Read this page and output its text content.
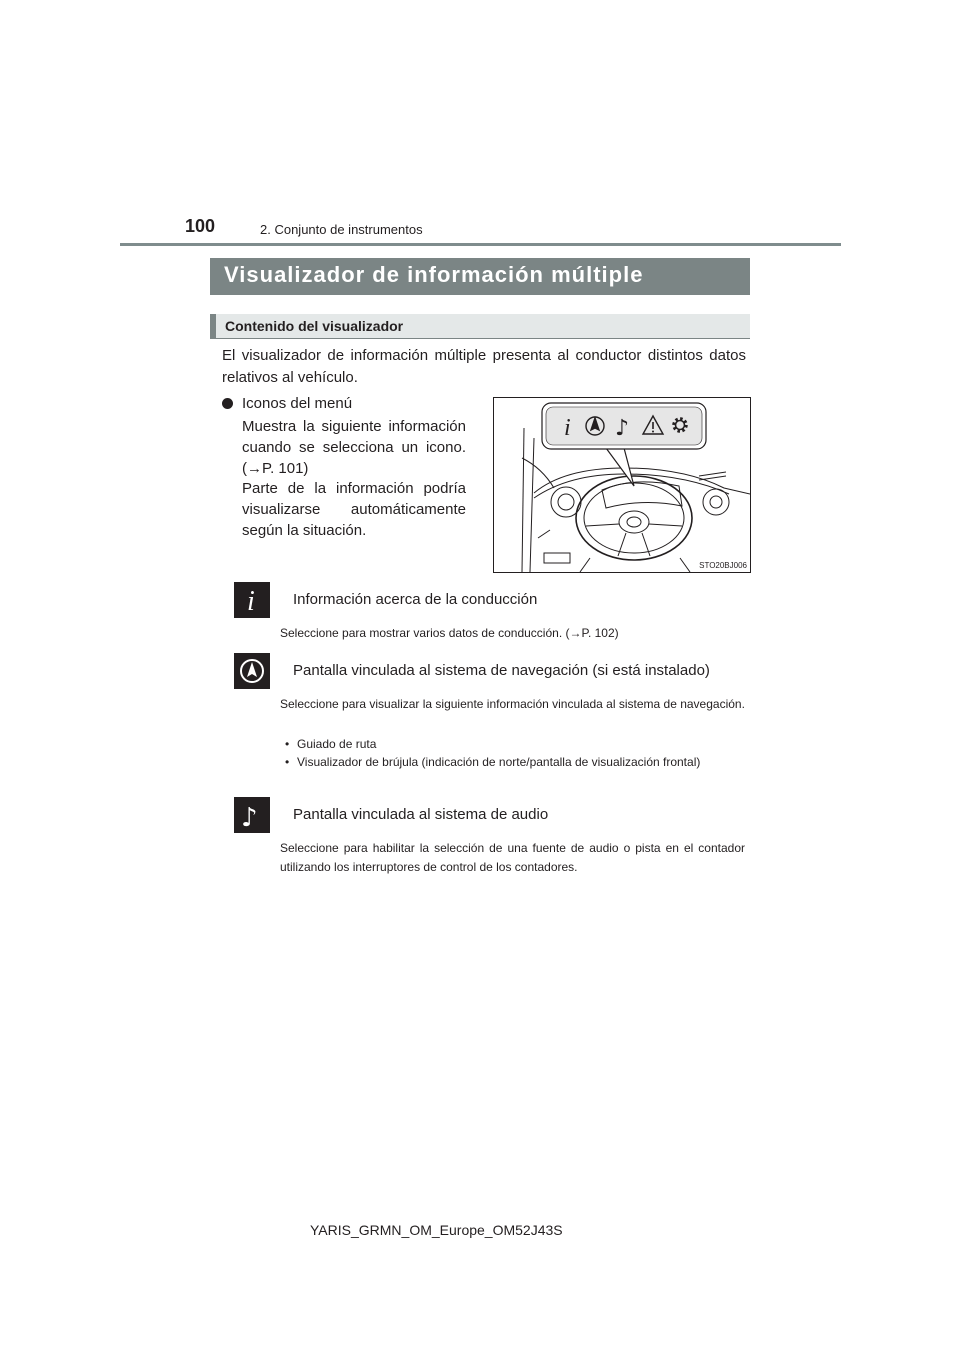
100	2. Conjunto de instrumentos
Visualizador de información múltiple
Contenido del visualizador
El visualizador de información múltiple presenta al conductor distintos datos relativos al vehículo.
Iconos del menú

Muestra la siguiente información

cuando se selecciona un icono.

(→P. 101)

Parte de la información podría

visualizarse automáticamente

según la situación.

i ♪
STO20BJ006
i	Información acerca de la conducción
Seleccione para mostrar varios datos de conducción. (→P. 102)
Pantalla vinculada al sistema de navegación (si está instalado)
Seleccione para visualizar la siguiente información vinculada al sistema de navegación.
• Guiado de ruta
• Visualizador de brújula (indicación de norte/pantalla de visualización frontal)
♪ Pantalla vinculada al sistema de audio
Seleccione para habilitar la selección de una fuente de audio o pista en el contador utilizando los interruptores de control de los contadores.
YARIS_GRMN_OM_Europe_OM52J43S
